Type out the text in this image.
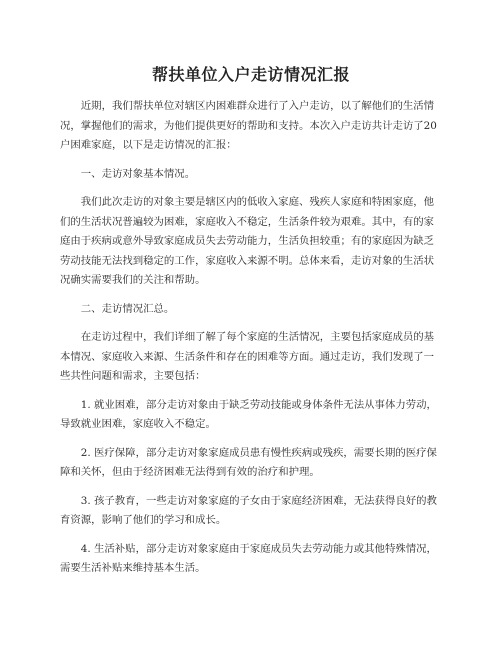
帮扶单位入户走访情况汇报

近期，我们帮扶单位对辖区内困难群众进行了入户走访，以了解他们的生活情况，掌握他们的需求，为他们提供更好的帮助和支持。本次入户走访共计走访了20户困难家庭，以下是走访情况的汇报：

一、走访对象基本情况。

我们此次走访的对象主要是辖区内的低收入家庭、残疾人家庭和特困家庭，他们的生活状况普遍较为困难，家庭收入不稳定，生活条件较为艰难。其中，有的家庭由于疾病或意外导致家庭成员失去劳动能力，生活负担较重；有的家庭因为缺乏劳动技能无法找到稳定的工作，家庭收入来源不明。总体来看，走访对象的生活状况确实需要我们的关注和帮助。

二、走访情况汇总。

在走访过程中，我们详细了解了每个家庭的生活情况，主要包括家庭成员的基本情况、家庭收入来源、生活条件和存在的困难等方面。通过走访，我们发现了一些共性问题和需求，主要包括：

1. 就业困难，部分走访对象由于缺乏劳动技能或身体条件无法从事体力劳动，导致就业困难，家庭收入不稳定。

2. 医疗保障，部分走访对象家庭成员患有慢性疾病或残疾，需要长期的医疗保障和关怀，但由于经济困难无法得到有效的治疗和护理。

3. 孩子教育，一些走访对象家庭的子女由于家庭经济困难，无法获得良好的教育资源，影响了他们的学习和成长。

4. 生活补贴，部分走访对象家庭由于家庭成员失去劳动能力或其他特殊情况，需要生活补贴来维持基本生活。
